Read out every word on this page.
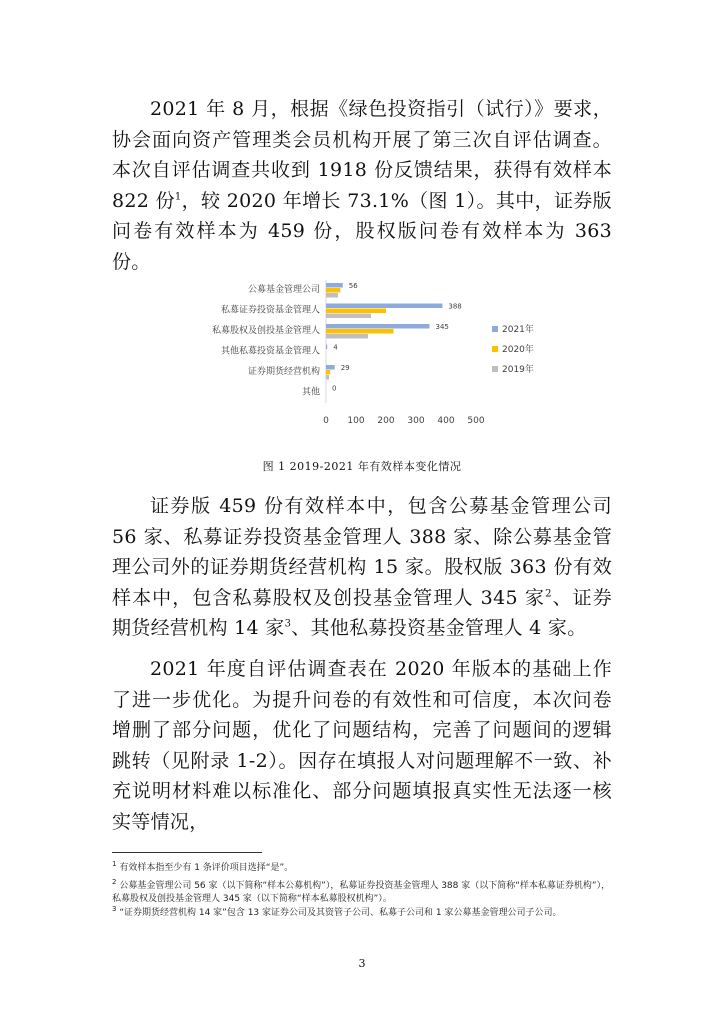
2021 年 8 月，根据《绿色投资指引（试行）》要求，协会面向资产管理类会员机构开展了第三次自评估调查。本次自评估调查共收到 1918 份反馈结果，获得有效样本 822 份$^1$，较 2020 年增长 73.1%（图 1）。其中，证券版问卷有效样本为 459 份，股权版问卷有效样本为 363 份。

公募基金管理公司
私募证券投资基金管理人
私募股权及创投基金管理人
其他私募投资基金管理人
证券期货经营机构
其他
56
388
345
4
29
0
0 100 200 300 400 500
2021年
2020年
2019年
图 1 2019-2021 年有效样本变化情况

证券版 459 份有效样本中，包含公募基金管理公司 56 家、私募证券投资基金管理人 388 家、除公募基金管理公司外的证券期货经营机构 15 家。股权版 363 份有效样本中，包含私募股权及创投基金管理人 345 家$^2$、证券期货经营机构 14 家$^3$、其他私募投资基金管理人 4 家。

2021 年度自评估调查表在 2020 年版本的基础上作了进一步优化。为提升问卷的有效性和可信度，本次问卷增删了部分问题，优化了问题结构，完善了问题间的逻辑跳转（见附录 1-2）。因存在填报人对问题理解不一致、补充说明材料难以标准化、部分问题填报真实性无法逐一核实等情况，

$^1$ 有效样本指至少有 1 条评价项目选择“是”。

$^2$ 公募基金管理公司 56 家（以下简称“样本公募机构”），私募证券投资基金管理人 388 家（以下简称“样本私募证券机构”），私募股权及创投基金管理人 345 家（以下简称“样本私募股权机构”）。

$^3$ “证券期货经营机构 14 家”包含 13 家证券公司及其资管子公司、私募子公司和 1 家公募基金管理公司子公司。

3
